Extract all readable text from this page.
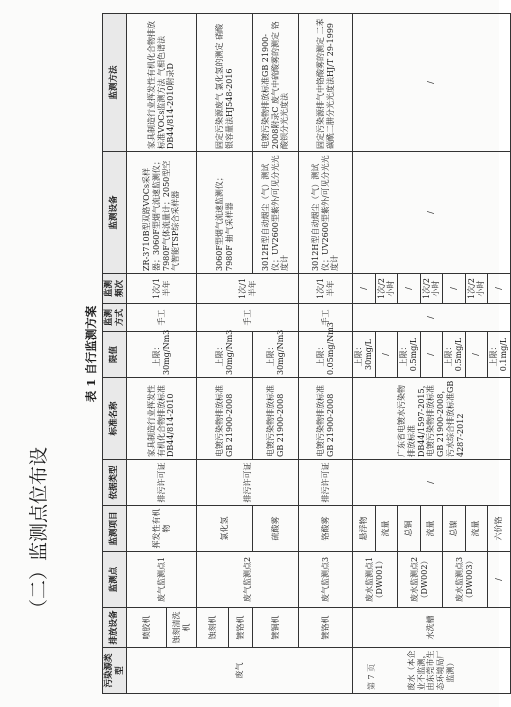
（二）监测点位布设
表 1 自行监测方案
污染源类型	排放设备	监测点	监测项目	依据类型	标准名称	限值	监测方式	监测频次	监测设备	监测方法
废气	喷胶机	废气监测点1	挥发性有机物	排污许可证	家具制造行业挥发性有机化合物排放标准DB44/814-2010	上限：30mg/Nm3	手工	1次/1半年	ZR-3710B型双路VOCs采样器；3060F型烟气流速监测仪；7980F气体流量计；2050型空气智能TSP综合采样器	家具制造行业挥发性有机化合物排放标准VOCs监测方法 气相色谱法DB44/814-2010附录D
	蚀刻清洗机									
	蚀刻机	废气监测点2	氯化氢	排污许可证	电镀污染物排放标准GB 21900-2008	上限：30mg/Nm3	手工	1次/1半年	3060F型烟气流速监测仪；7980F 抽气采样器	固定污染源废气 氯化氢的测定 硝酸银容量法HJ548-2016
	镀铬机									
	镀铜机		硫酸雾		电镀污染物排放标准GB 21900-2008	上限：30mg/Nm3			3012H型自动烟尘（气）测试仪；UV2600型紫外/可见分光光度计	电镀污染物排放标准GB 21900-2008附录C 废气中硫酸雾的测定 铬酸钡分光光度法
	镀铬机	废气监测点3	铬酸雾	排污许可证	电镀污染物排放标准GB 21900-2008	上限：0.05mg/Nm3	手工	1次/1半年	3012H型自动烟尘（气）测试仪；UV2600型紫外/可见分光光度计	固定污染源排气中铬酸雾的测定 二苯碳酰二肼分光光度法HJ/T 29-1999
废水（本企业不监测，由东莞市生态环境局厂监测）	水洗槽	废水监测点1（DW001）	悬浮物	/	广东省电镀水污染物排放标准DB44/1597-2015，电镀污染物排放标准GB 21900-2008，污水综合排放标准GB 4287-2012	上限：30mg/L	/	/	/	/
			流量			/		1次/2小时		
		废水监测点2（DW002）	总铜			上限：0.5mg/L		/		
			流量			/		1次/2小时		
		废水监测点3（DW003）	总镍			上限：0.5mg/L		/		
			流量			/		1次/2小时		
		/	六价铬			上限：0.1mg/L		/		
第 7 页
